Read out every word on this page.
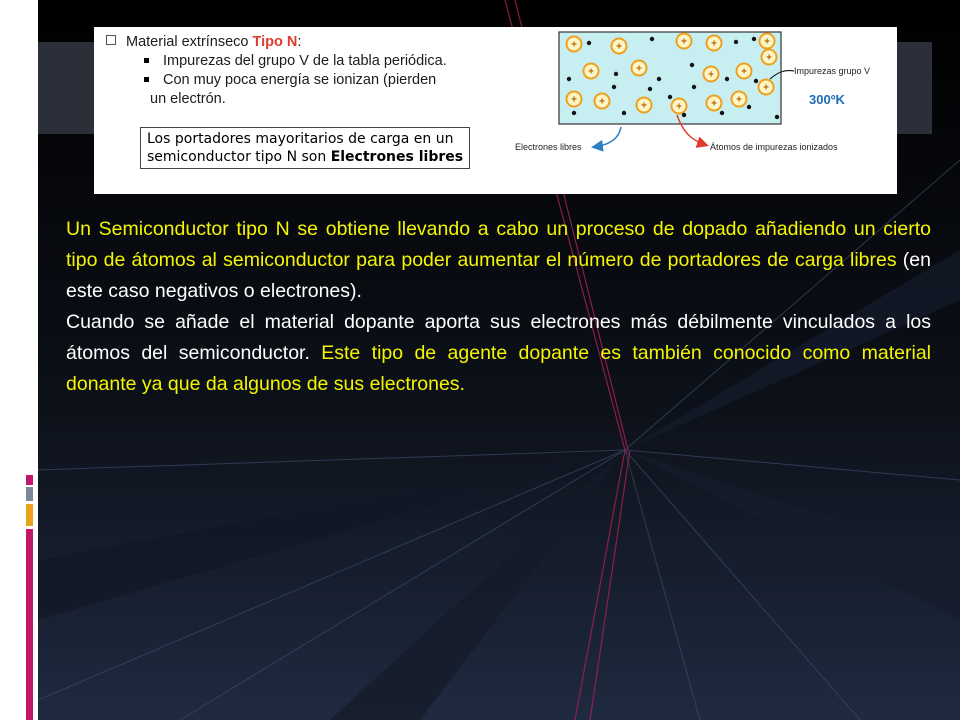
Material extrínseco Tipo N:
Impurezas del grupo V de la tabla periódica.
Con muy poca energía se ionizan (pierden
un electrón.
Los portadores mayoritarios de carga en un
semiconductor tipo N son Electrones libres
+	+	+ +	+
+	+
+	+
+
+ +	+	+
+
+
+
Impurezas grupo V
300ºK
Electrones libres	Átomos de impurezas ionizados

Un Semiconductor tipo N se obtiene llevando a cabo un proceso de dopado añadiendo un cierto tipo de átomos al semiconductor para poder aumentar el número de portadores de carga libres (en este caso negativos o electrones).

Cuando se añade el material dopante aporta sus electrones más débilmente vinculados a los átomos del semiconductor. Este tipo de agente dopante es también conocido como material donante ya que da algunos de sus electrones.
